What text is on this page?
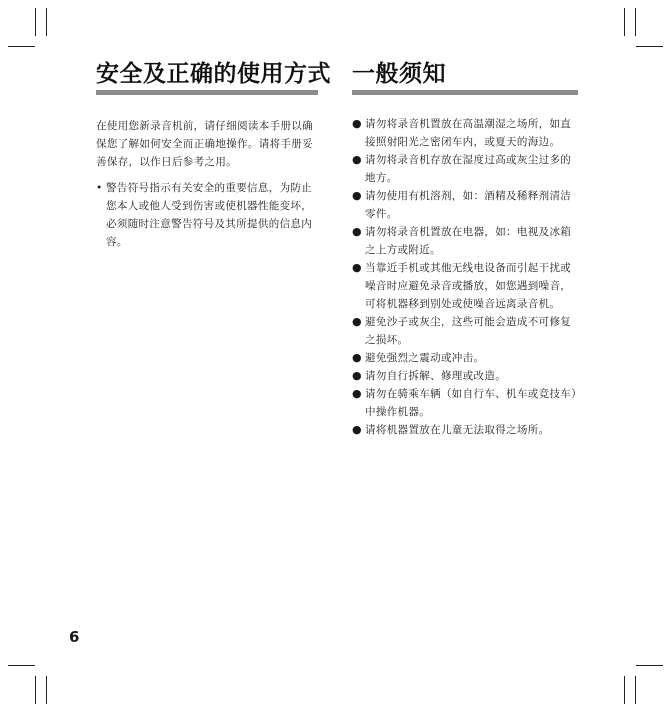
安全及正确的使用方式

在使用您新录音机前，请仔细阅读本手册以确保您了解如何安全而正确地操作。请将手册妥善保存，以作日后参考之用。

• 警告符号指示有关安全的重要信息，为防止您本人或他人受到伤害或使机器性能变坏，必须随时注意警告符号及其所提供的信息内容。
一般须知
● 请勿将录音机置放在高温潮湿之场所，如直接照射阳光之密闭车内，或夏天的海边。
● 请勿将录音机存放在湿度过高或灰尘过多的地方。
● 请勿使用有机溶剂，如：酒精及稀释剂清洁零件。
● 请勿将录音机置放在电器，如：电视及冰箱之上方或附近。
● 当靠近手机或其他无线电设备而引起干扰或噪音时应避免录音或播放，如您遇到噪音，可将机器移到别处或使噪音远离录音机。
● 避免沙子或灰尘，这些可能会造成不可修复之损坏。
● 避免强烈之震动或冲击。
● 请勿自行拆解、修理或改造。
● 请勿在骑乘车辆（如自行车、机车或竞技车）中操作机器。
● 请将机器置放在儿童无法取得之场所。

6
